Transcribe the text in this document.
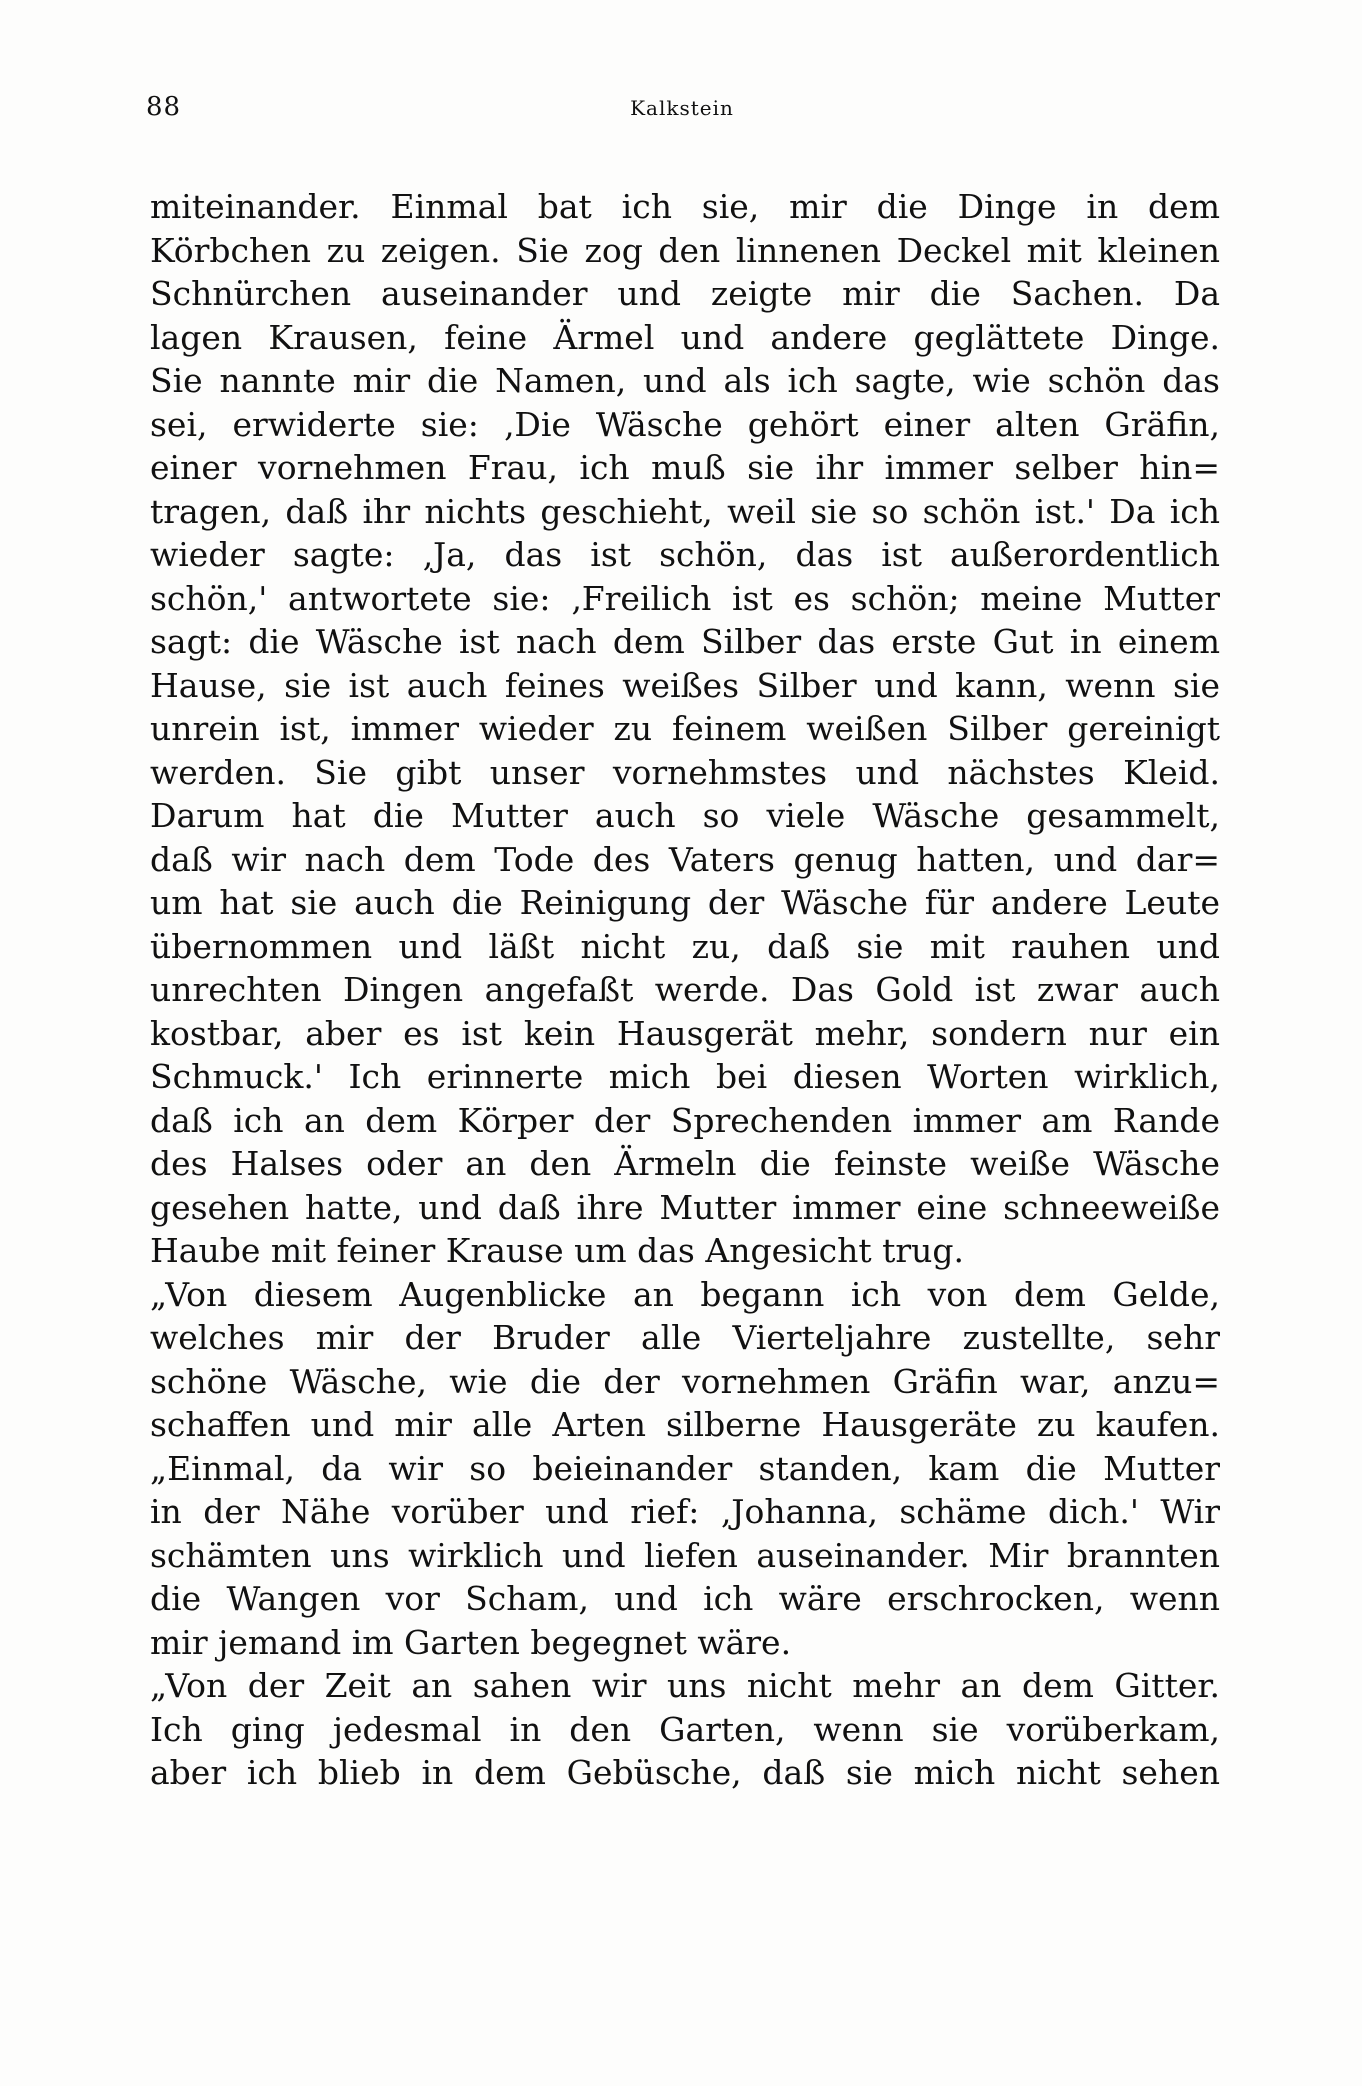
88	Kalkstein
miteinander. Einmal bat ich sie, mir die Dinge in dem
Körbchen zu zeigen. Sie zog den linnenen Deckel mit kleinen
Schnürchen auseinander und zeigte mir die Sachen. Da
lagen Krausen, feine Ärmel und andere geglättete Dinge.
Sie nannte mir die Namen, und als ich sagte, wie schön das
sei, erwiderte sie: ‚Die Wäsche gehört einer alten Gräfin,
einer vornehmen Frau, ich muß sie ihr immer selber hin=
tragen, daß ihr nichts geschieht, weil sie so schön ist.' Da ich
wieder sagte: ‚Ja, das ist schön, das ist außerordentlich
schön,' antwortete sie: ‚Freilich ist es schön; meine Mutter
sagt: die Wäsche ist nach dem Silber das erste Gut in einem
Hause, sie ist auch feines weißes Silber und kann, wenn sie
unrein ist, immer wieder zu feinem weißen Silber gereinigt
werden. Sie gibt unser vornehmstes und nächstes Kleid.
Darum hat die Mutter auch so viele Wäsche gesammelt,
daß wir nach dem Tode des Vaters genug hatten, und dar=
um hat sie auch die Reinigung der Wäsche für andere Leute
übernommen und läßt nicht zu, daß sie mit rauhen und
unrechten Dingen angefaßt werde. Das Gold ist zwar auch
kostbar, aber es ist kein Hausgerät mehr, sondern nur ein
Schmuck.' Ich erinnerte mich bei diesen Worten wirklich,
daß ich an dem Körper der Sprechenden immer am Rande
des Halses oder an den Ärmeln die feinste weiße Wäsche
gesehen hatte, und daß ihre Mutter immer eine schneeweiße
Haube mit feiner Krause um das Angesicht trug.
„Von diesem Augenblicke an begann ich von dem Gelde,
welches mir der Bruder alle Vierteljahre zustellte, sehr
schöne Wäsche, wie die der vornehmen Gräfin war, anzu=
schaffen und mir alle Arten silberne Hausgeräte zu kaufen.
„Einmal, da wir so beieinander standen, kam die Mutter
in der Nähe vorüber und rief: ‚Johanna, schäme dich.' Wir
schämten uns wirklich und liefen auseinander. Mir brannten
die Wangen vor Scham, und ich wäre erschrocken, wenn
mir jemand im Garten begegnet wäre.
„Von der Zeit an sahen wir uns nicht mehr an dem Gitter.
Ich ging jedesmal in den Garten, wenn sie vorüberkam,
aber ich blieb in dem Gebüsche, daß sie mich nicht sehen
